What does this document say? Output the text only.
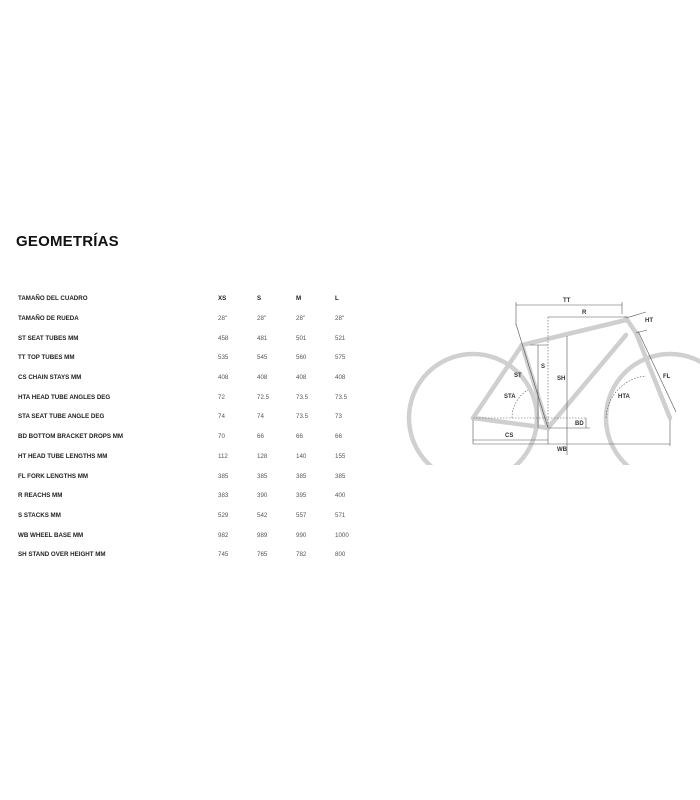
GEOMETRÍAS
TAMAÑO DEL CUADRO	XS	S	M	L
TAMAÑO DE RUEDA	28"	28"	28"	28"
ST SEAT TUBES MM	458	481	501	521
TT TOP TUBES MM	535	545	560	575
CS CHAIN STAYS MM	408	408	408	408
HTA HEAD TUBE ANGLES DEG	72	72.5	73.5	73.5
STA SEAT TUBE ANGLE DEG	74	74	73.5	73
BD BOTTOM BRACKET DROPS MM	70	66	66	66
HT HEAD TUBE LENGTHS MM	112	128	140	155
FL FORK LENGTHS MM	385	385	385	385
R REACHS MM	383	390	395	400
S STACKS MM	529	542	557	571
WB WHEEL BASE MM	982	989	990	1000
SH STAND OVER HEIGHT MM	745	765	782	800
TT
R
HT
S
ST	SH	FL
STA	HTA
BD
CS
WB
